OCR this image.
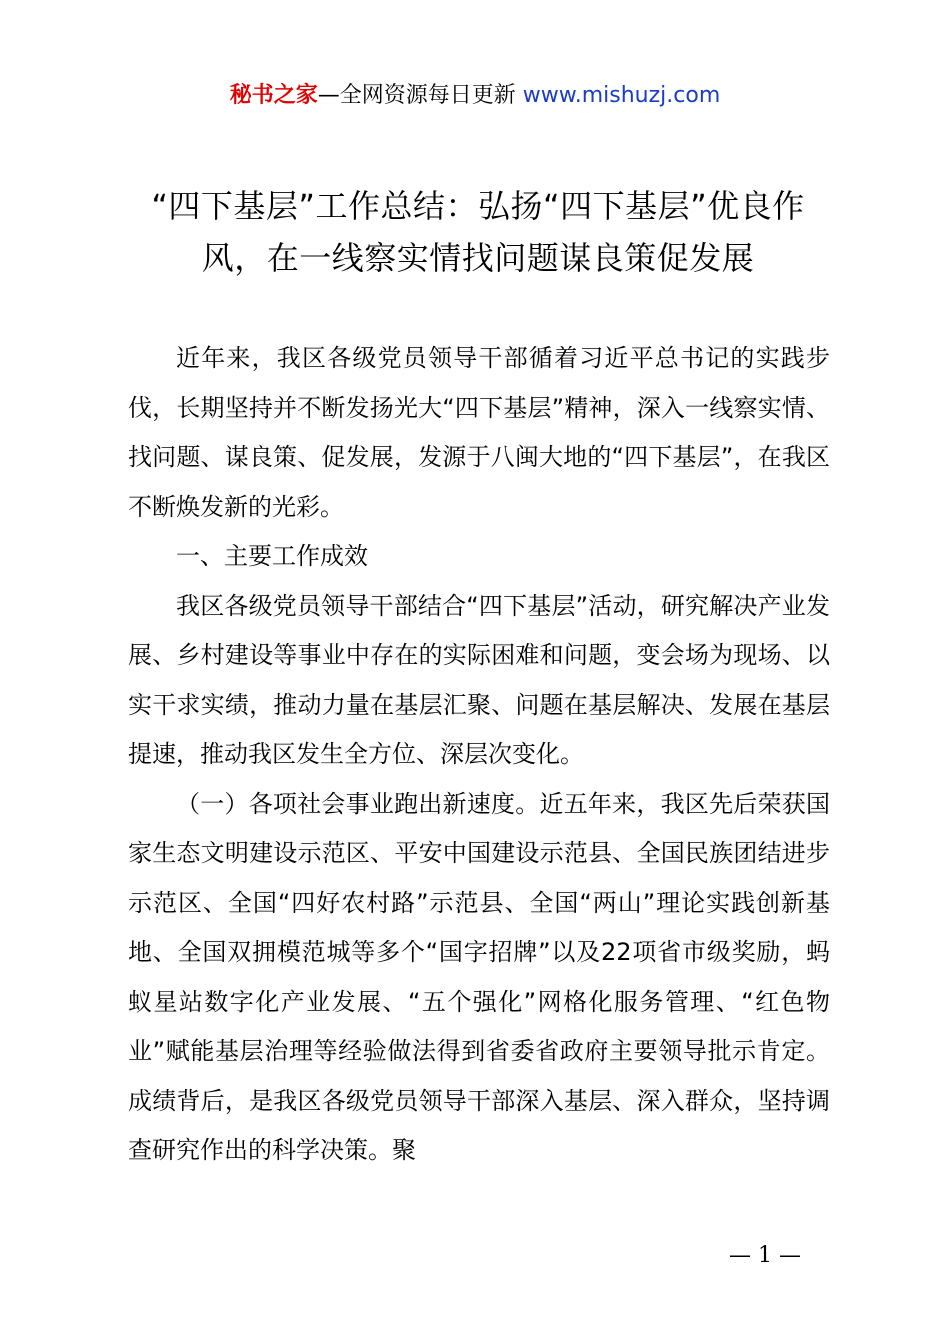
秘书之家—全网资源每日更新 www.mishuzj.com
“四下基层”工作总结：弘扬“四下基层”优良作风，在一线察实情找问题谋良策促发展

近年来，我区各级党员领导干部循着习近平总书记的实践步伐，长期坚持并不断发扬光大“四下基层”精神，深入一线察实情、找问题、谋良策、促发展，发源于八闽大地的“四下基层”，在我区不断焕发新的光彩。

一、主要工作成效

我区各级党员领导干部结合“四下基层”活动，研究解决产业发展、乡村建设等事业中存在的实际困难和问题，变会场为现场、以实干求实绩，推动力量在基层汇聚、问题在基层解决、发展在基层提速，推动我区发生全方位、深层次变化。

（一）各项社会事业跑出新速度。近五年来，我区先后荣获国家生态文明建设示范区、平安中国建设示范县、全国民族团结进步示范区、全国“四好农村路”示范县、全国“两山”理论实践创新基地、全国双拥模范城等多个“国字招牌”以及22项省市级奖励，蚂蚁星站数字化产业发展、“五个强化”网格化服务管理、“红色物业”赋能基层治理等经验做法得到省委省政府主要领导批示肯定。成绩背后，是我区各级党员领导干部深入基层、深入群众，坚持调查研究作出的科学决策。聚

— 1 —
